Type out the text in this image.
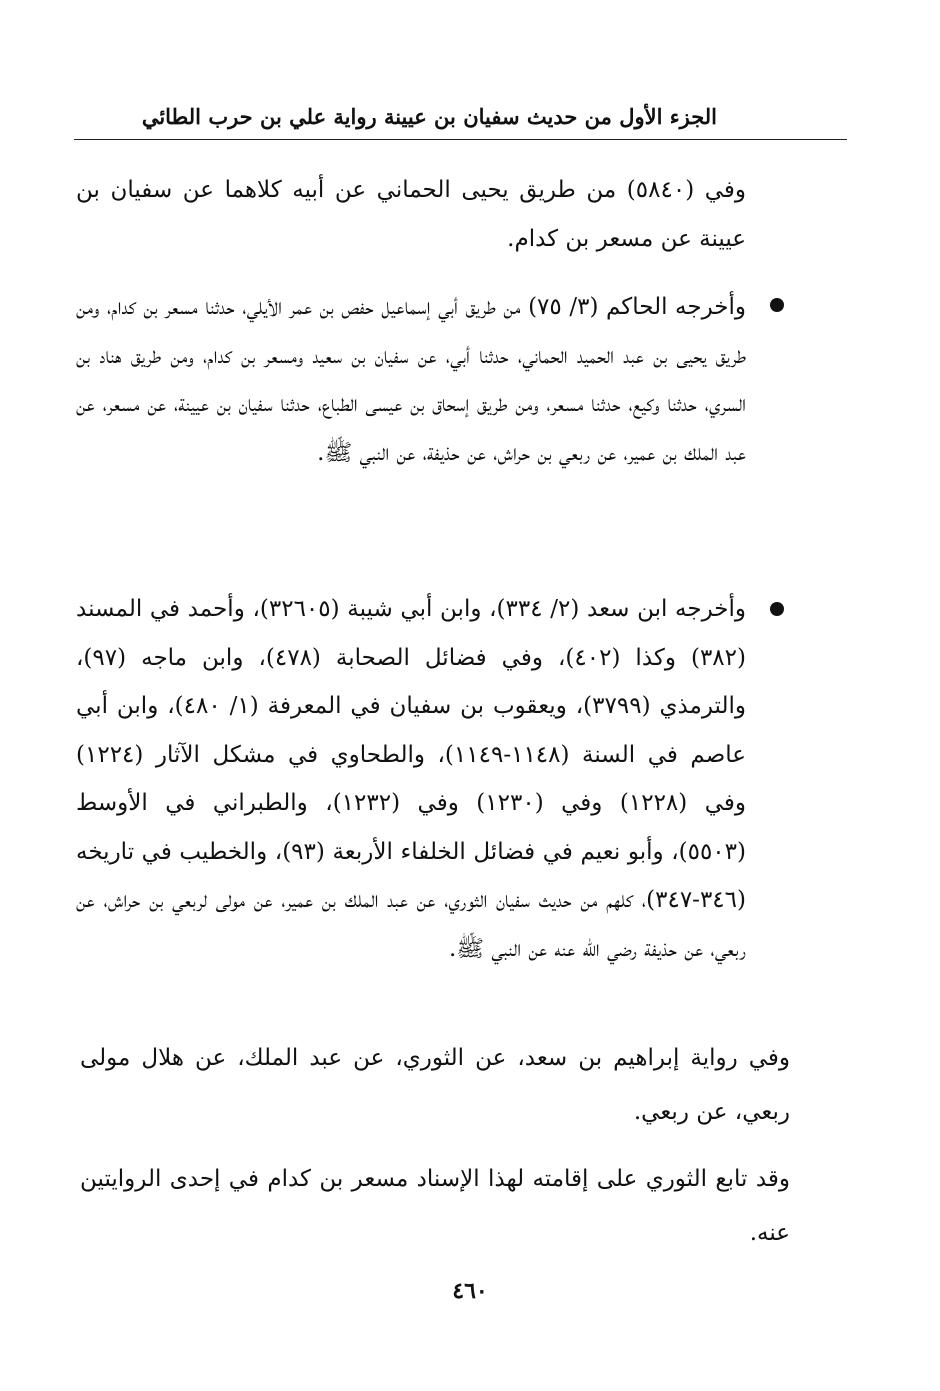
الجزء الأول من حديث سفيان بن عيينة رواية علي بن حرب الطائي

وفي (٥٨٤٠) من طريق يحيى الحماني عن أبيه كلاهما عن سفيان بن عيينة عن مسعر بن كدام.

وأخرجه الحاكم (٣/ ٧٥) من طريق أبي إسماعيل حفص بن عمر الأيلي، حدثنا مسعر بن كدام، ومن طريق يحيى بن عبد الحميد الحماني، حدثنا أبي، عن سفيان بن سعيد ومسعر بن كدام، ومن طريق هناد بن السري، حدثنا وكيع، حدثنا مسعر، ومن طريق إسحاق بن عيسى الطباع، حدثنا سفيان بن عيينة، عن مسعر، عن عبد الملك بن عمير، عن ربعي بن حراش، عن حذيفة، عن النبي ﷺ.

وأخرجه ابن سعد (٢/ ٣٣٤)، وابن أبي شيبة (٣٢٦٠٥)، وأحمد في المسند (٣٨٢) وكذا (٤٠٢)، وفي فضائل الصحابة (٤٧٨)، وابن ماجه (٩٧)، والترمذي (٣٧٩٩)، ويعقوب بن سفيان في المعرفة (١/ ٤٨٠)، وابن أبي عاصم في السنة (١١٤٨-١١٤٩)، والطحاوي في مشكل الآثار (١٢٢٤) وفي (١٢٢٨) وفي (١٢٣٠) وفي (١٢٣٢)، والطبراني في الأوسط (٥٥٠٣)، وأبو نعيم في فضائل الخلفاء الأربعة (٩٣)، والخطيب في تاريخه (٣٤٦-٣٤٧)، كلهم من حديث سفيان الثوري، عن عبد الملك بن عمير، عن مولى لربعي بن حراش، عن ربعي، عن حذيفة رضي الله عنه عن النبي ﷺ.

وفي رواية إبراهيم بن سعد، عن الثوري، عن عبد الملك، عن هلال مولى ربعي، عن ربعي.

وقد تابع الثوري على إقامته لهذا الإسناد مسعر بن كدام في إحدى الروايتين عنه.

٤٦٠
